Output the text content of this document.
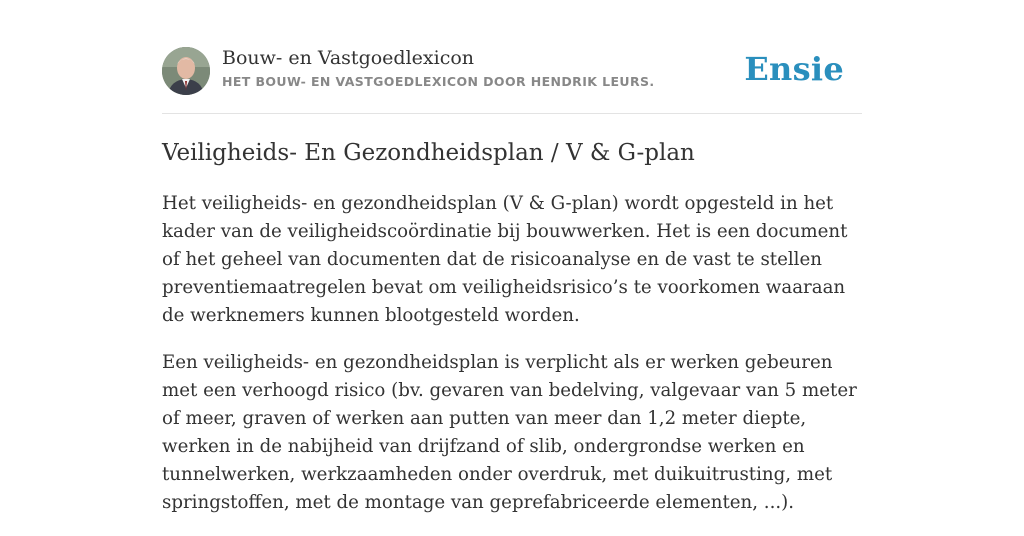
Bouw- en Vastgoedlexicon
HET BOUW- EN VASTGOEDLEXICON DOOR HENDRIK LEURS.	Ensie
Veiligheids- En Gezondheidsplan / V & G-plan

Het veiligheids- en gezondheidsplan (V & G-plan) wordt opgesteld in het kader van de veiligheidscoördinatie bij bouwwerken. Het is een document of het geheel van documenten dat de risicoanalyse en de vast te stellen preventiemaatregelen bevat om veiligheidsrisico’s te voorkomen waaraan de werknemers kunnen blootgesteld worden.

Een veiligheids- en gezondheidsplan is verplicht als er werken gebeuren met een verhoogd risico (bv. gevaren van bedelving, valgevaar van 5 meter of meer, graven of werken aan putten van meer dan 1,2 meter diepte, werken in de nabijheid van drijfzand of slib, ondergrondse werken en tunnelwerken, werkzaamheden onder overdruk, met duikuitrusting, met springstoffen, met de montage van geprefabriceerde elementen, ...).
